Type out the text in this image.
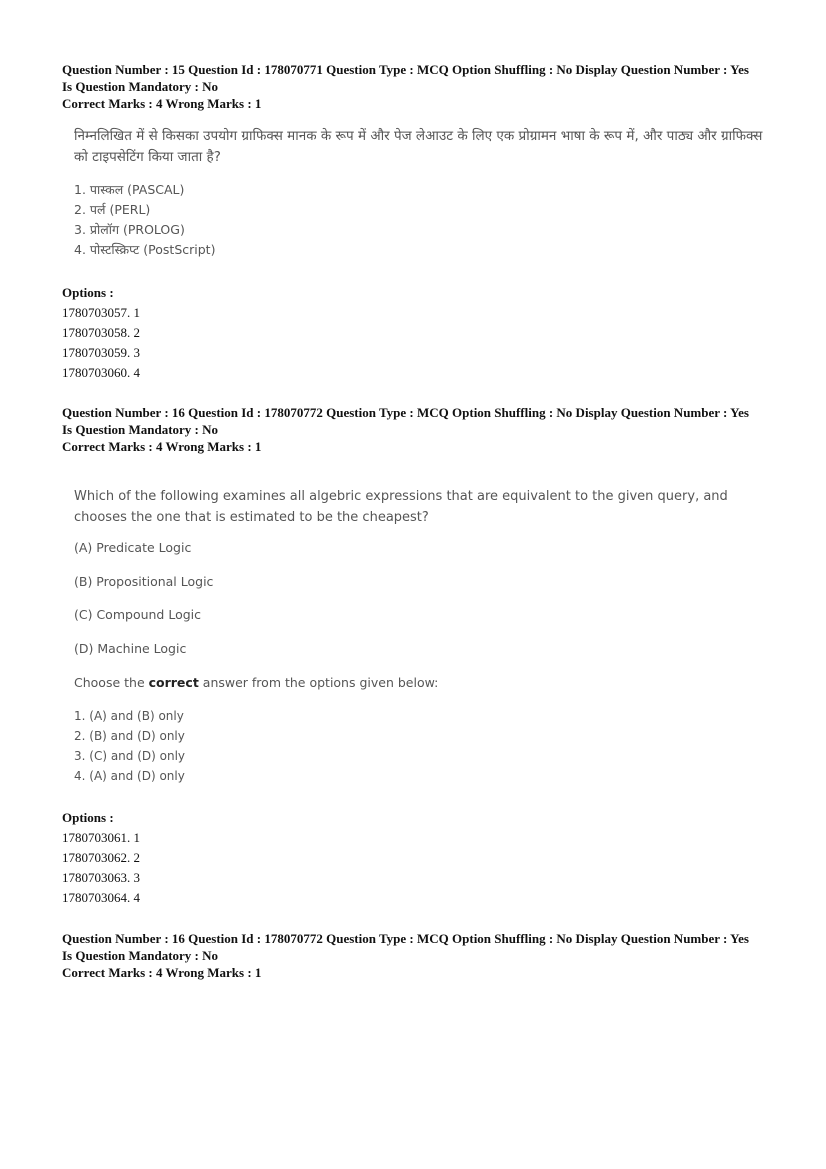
Question Number : 15 Question Id : 178070771 Question Type : MCQ Option Shuffling : No Display Question Number : Yes
Is Question Mandatory : No
Correct Marks : 4 Wrong Marks : 1
निम्नलिखित में से किसका उपयोग ग्राफिक्स मानक के रूप में और पेज लेआउट के लिए एक प्रोग्रामन भाषा के रूप में, और पाठ्य और ग्राफिक्स को टाइपसेटिंग किया जाता है?
1. पास्कल (PASCAL)
2. पर्ल (PERL)
3. प्रोलॉग (PROLOG)
4. पोस्टस्क्रिप्ट (PostScript)
Options :
1780703057. 1
1780703058. 2
1780703059. 3
1780703060. 4
Question Number : 16 Question Id : 178070772 Question Type : MCQ Option Shuffling : No Display Question Number : Yes
Is Question Mandatory : No
Correct Marks : 4 Wrong Marks : 1
Which of the following examines all algebric expressions that are equivalent to the given query, and chooses the one that is estimated to be the cheapest?
(A) Predicate Logic
(B) Propositional Logic
(C) Compound Logic
(D) Machine Logic
Choose the correct answer from the options given below:
1. (A) and (B) only
2. (B) and (D) only
3. (C) and (D) only
4. (A) and (D) only
Options :
1780703061. 1
1780703062. 2
1780703063. 3
1780703064. 4
Question Number : 16 Question Id : 178070772 Question Type : MCQ Option Shuffling : No Display Question Number : Yes
Is Question Mandatory : No
Correct Marks : 4 Wrong Marks : 1
